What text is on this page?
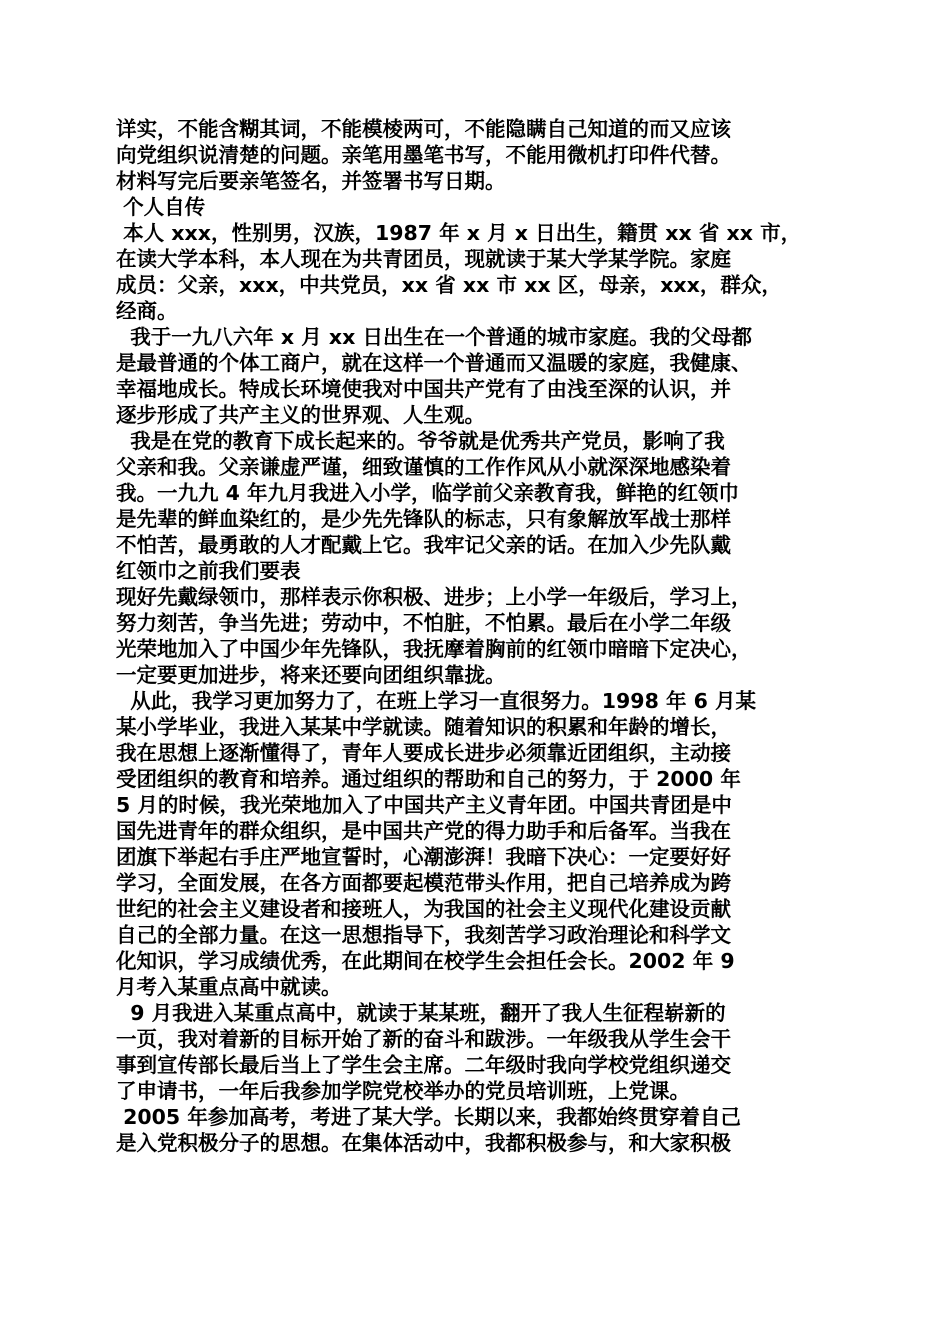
详实，不能含糊其词，不能模棱两可，不能隐瞒自己知道的而又应该
向党组织说清楚的问题。亲笔用墨笔书写，不能用微机打印件代替。
材料写完后要亲笔签名，并签署书写日期。
个人自传
本人 xxx，性别男，汉族，1987 年 x 月 x 日出生，籍贯 xx 省 xx 市，
在读大学本科，本人现在为共青团员，现就读于某大学某学院。家庭
成员：父亲，xxx，中共党员，xx 省 xx 市 xx 区，母亲，xxx，群众，
经商。
我于一九八六年 x 月 xx 日出生在一个普通的城市家庭。我的父母都
是最普通的个体工商户，就在这样一个普通而又温暖的家庭，我健康、
幸福地成长。特成长环境使我对中国共产党有了由浅至深的认识，并
逐步形成了共产主义的世界观、人生观。
我是在党的教育下成长起来的。爷爷就是优秀共产党员，影响了我
父亲和我。父亲谦虚严谨，细致谨慎的工作作风从小就深深地感染着
我。一九九 4 年九月我进入小学，临学前父亲教育我，鲜艳的红领巾
是先辈的鲜血染红的，是少先先锋队的标志，只有象解放军战士那样
不怕苦，最勇敢的人才配戴上它。我牢记父亲的话。在加入少先队戴
红领巾之前我们要表
现好先戴绿领巾，那样表示你积极、进步；上小学一年级后，学习上，
努力刻苦，争当先进；劳动中，不怕脏，不怕累。最后在小学二年级
光荣地加入了中国少年先锋队，我抚摩着胸前的红领巾暗暗下定决心，
一定要更加进步，将来还要向团组织靠拢。
从此，我学习更加努力了，在班上学习一直很努力。1998 年 6 月某
某小学毕业，我进入某某中学就读。随着知识的积累和年龄的增长，
我在思想上逐渐懂得了，青年人要成长进步必须靠近团组织，主动接
受团组织的教育和培养。通过组织的帮助和自己的努力，于 2000 年
5 月的时候，我光荣地加入了中国共产主义青年团。中国共青团是中
国先进青年的群众组织，是中国共产党的得力助手和后备军。当我在
团旗下举起右手庄严地宣誓时，心潮澎湃！我暗下决心：一定要好好
学习，全面发展，在各方面都要起模范带头作用，把自己培养成为跨
世纪的社会主义建设者和接班人，为我国的社会主义现代化建设贡献
自己的全部力量。在这一思想指导下，我刻苦学习政治理论和科学文
化知识，学习成绩优秀，在此期间在校学生会担任会长。2002 年 9
月考入某重点高中就读。
9 月我进入某重点高中，就读于某某班，翻开了我人生征程崭新的
一页，我对着新的目标开始了新的奋斗和跋涉。一年级我从学生会干
事到宣传部长最后当上了学生会主席。二年级时我向学校党组织递交
了申请书，一年后我参加学院党校举办的党员培训班，上党课。
2005 年参加高考，考进了某大学。长期以来，我都始终贯穿着自己
是入党积极分子的思想。在集体活动中，我都积极参与，和大家积极
